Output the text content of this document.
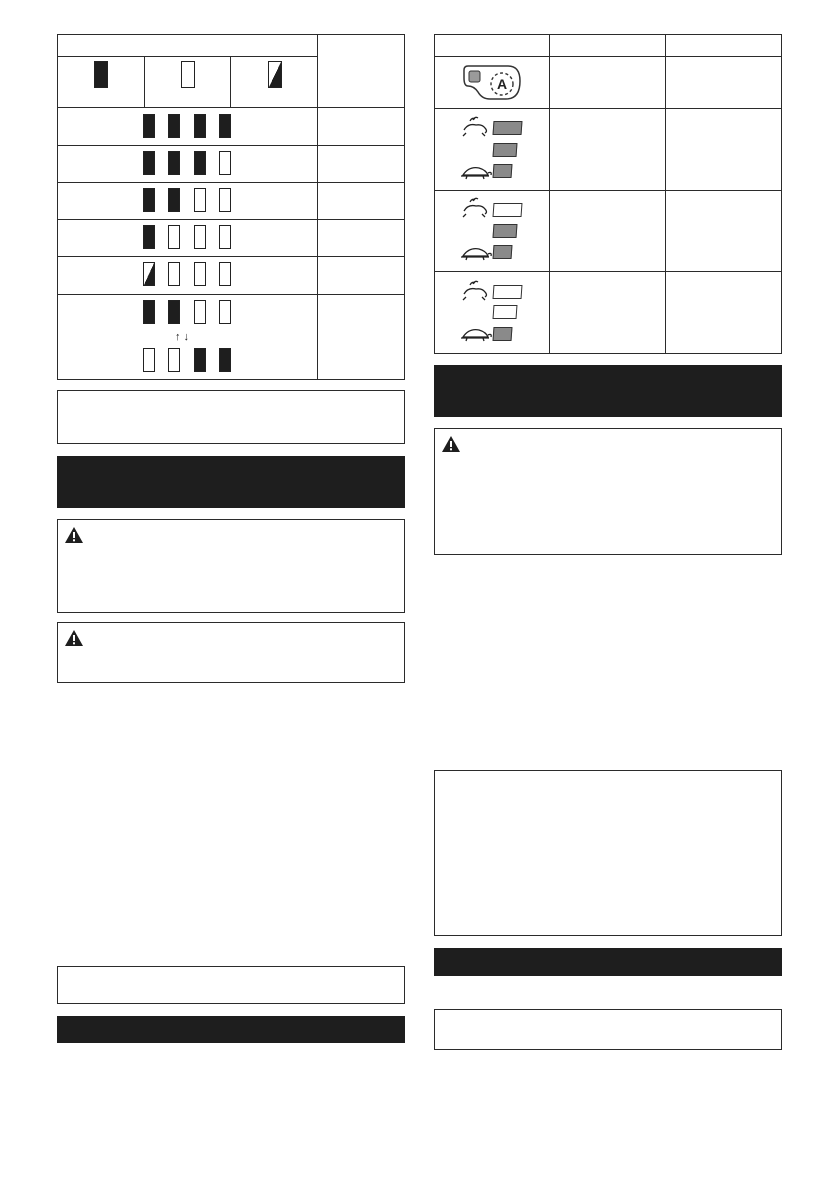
↑ ↓
A
